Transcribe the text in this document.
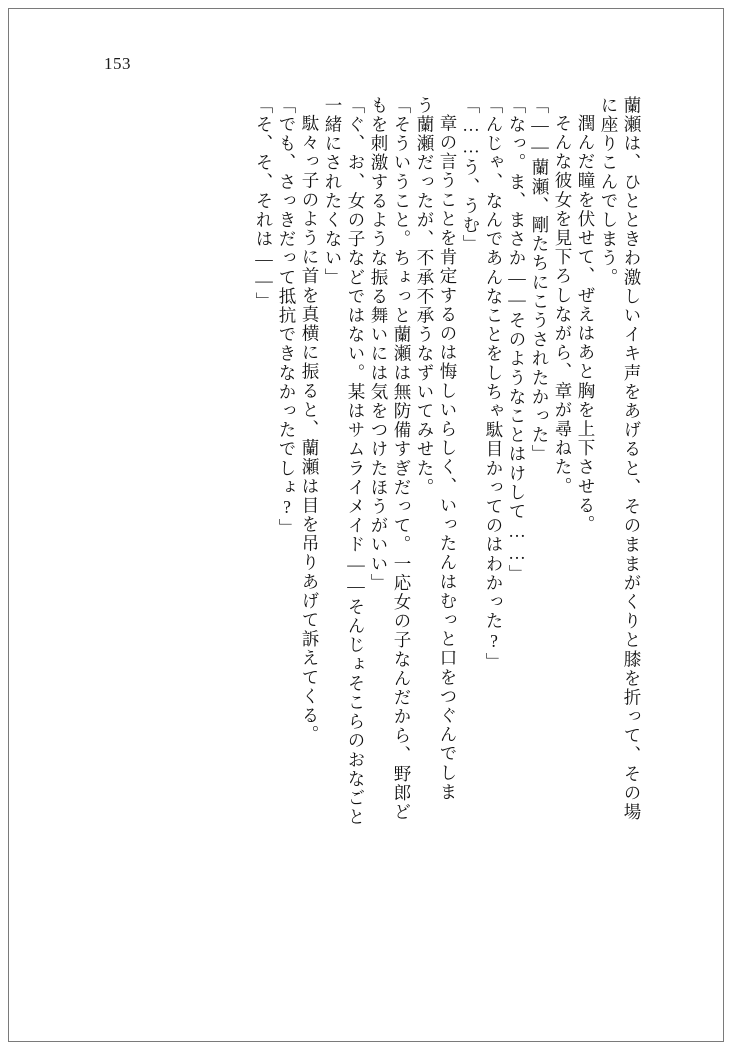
153
蘭瀬は、ひとときわ激しいイキ声をあげると、そのままがくりと膝を折って、その場
に座りこんでしまう。
潤んだ瞳を伏せて、ぜえはあと胸を上下させる。
そんな彼女を見下ろしながら、章が尋ねた。
「——蘭瀬、剛たちにこうされたかった」
「なっ。ま、まさか——そのようなことはけして……」
「んじゃ、なんであんなことをしちゃ駄目かってのはわかった?」
「……う、うむ」
章の言うことを肯定するのは悔しいらしく、いったんはむっと口をつぐんでしま
う蘭瀬だったが、不承不承うなずいてみせた。
「そういうこと。ちょっと蘭瀬は無防備すぎだって。一応女の子なんだから、野郎ど
もを刺激するような振る舞いには気をつけたほうがいい」
「ぐ、お、女の子などではない。某はサムライメイド——そんじょそこらのおなごと
一緒にされたくない」
駄々っ子のように首を真横に振ると、蘭瀬は目を吊りあげて訴えてくる。
「でも、さっきだって抵抗できなかったでしょ?」
「そ、そ、それは——」
